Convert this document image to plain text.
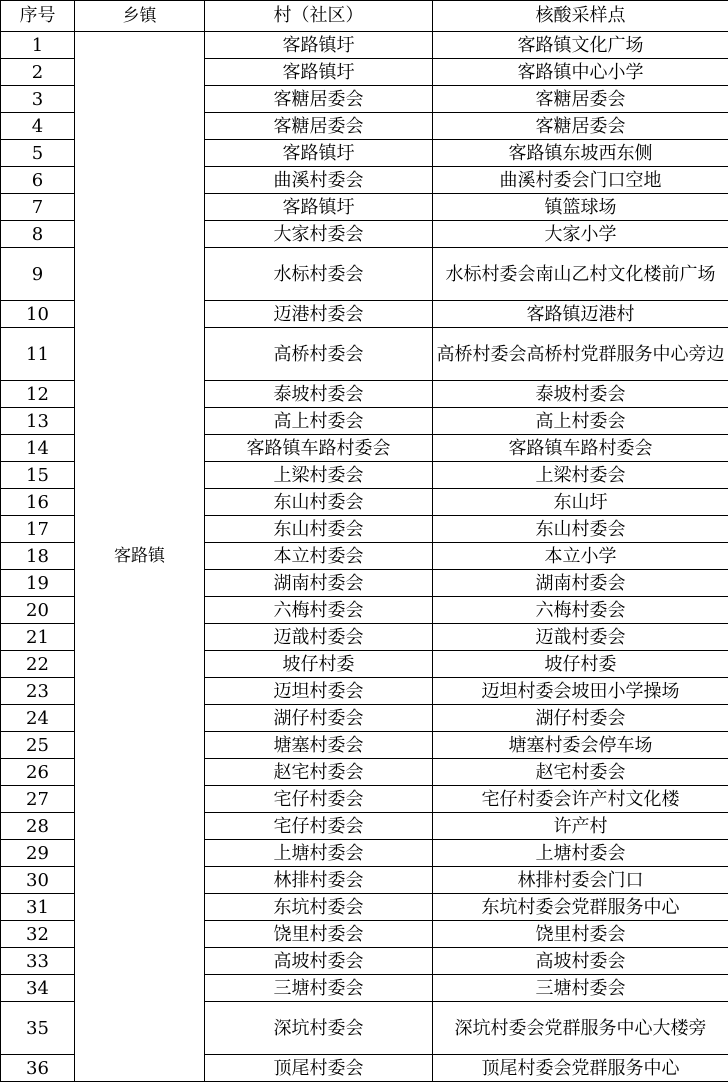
序号	乡镇	村（社区）	核酸采样点
1	客路镇	客路镇圩	客路镇文化广场
2		客路镇圩	客路镇中心小学
3		客糖居委会	客糖居委会
4		客糖居委会	客糖居委会
5		客路镇圩	客路镇东坡西东侧
6		曲溪村委会	曲溪村委会门口空地
7		客路镇圩	镇篮球场
8		大家村委会	大家小学
9		水标村委会	水标村委会南山乙村文化楼前广场
10		迈港村委会	客路镇迈港村
11		高桥村委会	高桥村委会高桥村党群服务中心旁边
12		泰坡村委会	泰坡村委会
13		高上村委会	高上村委会
14		客路镇车路村委会	客路镇车路村委会
15		上梁村委会	上梁村委会
16		东山村委会	东山圩
17		东山村委会	东山村委会
18		本立村委会	本立小学
19		湖南村委会	湖南村委会
20		六梅村委会	六梅村委会
21		迈戠村委会	迈戠村委会
22		坡仔村委	坡仔村委
23		迈坦村委会	迈坦村委会坡田小学操场
24		湖仔村委会	湖仔村委会
25		塘塞村委会	塘塞村委会停车场
26		赵宅村委会	赵宅村委会
27		宅仔村委会	宅仔村委会许产村文化楼
28		宅仔村委会	许产村
29		上塘村委会	上塘村委会
30		林排村委会	林排村委会门口
31		东坑村委会	东坑村委会党群服务中心
32		饶里村委会	饶里村委会
33		高坡村委会	高坡村委会
34		三塘村委会	三塘村委会
35		深坑村委会	深坑村委会党群服务中心大楼旁
36		顶尾村委会	顶尾村委会党群服务中心
